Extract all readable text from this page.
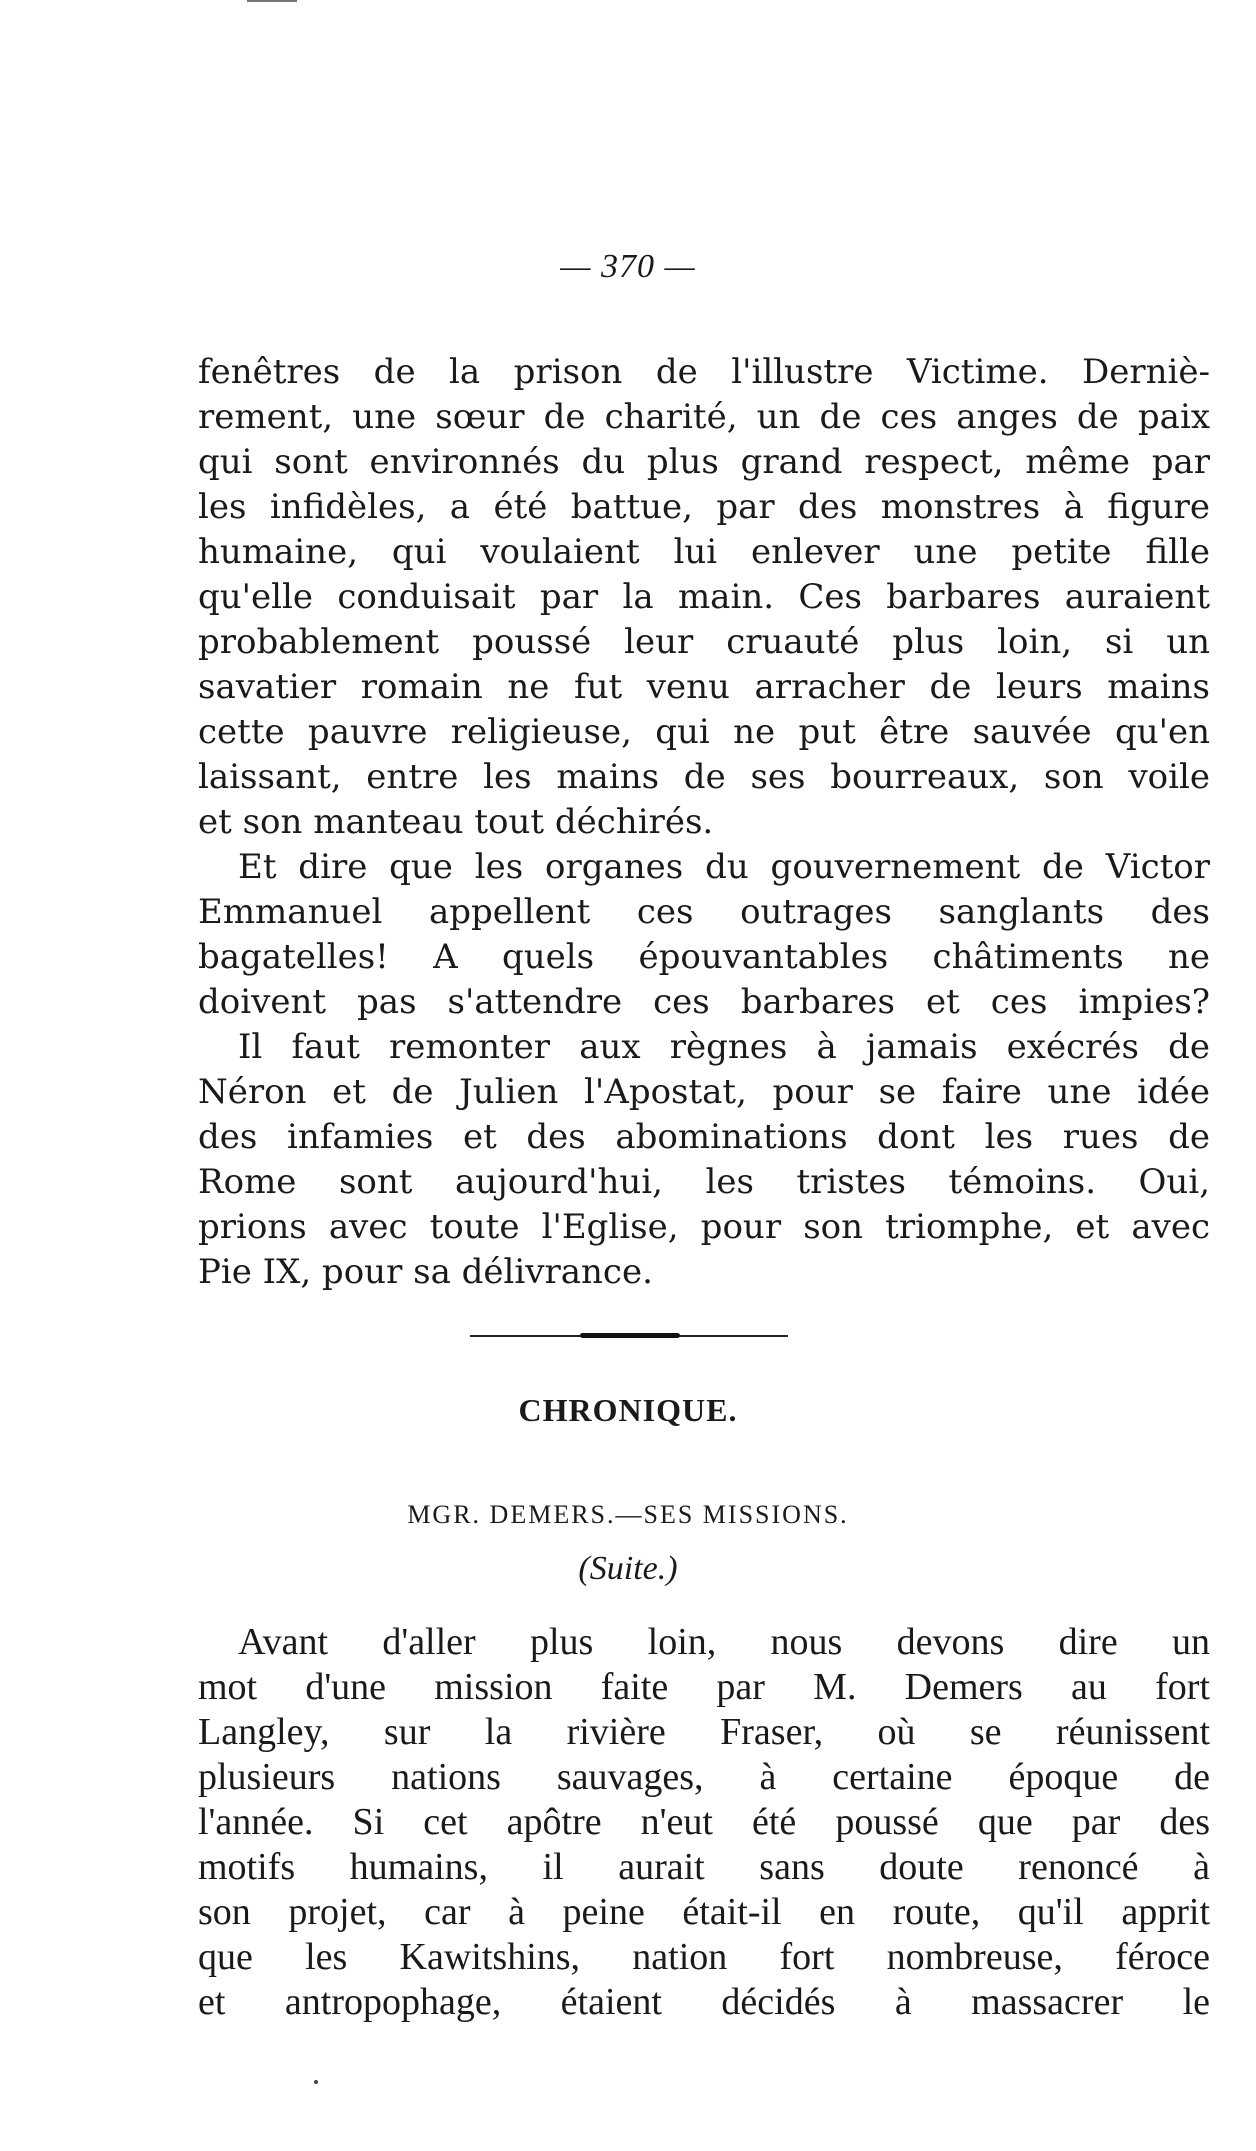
— 370 —
fenêtres de la prison de l'illustre Victime. Derniè-
rement, une sœur de charité, un de ces anges de paix
qui sont environnés du plus grand respect, même par
les infidèles, a été battue, par des monstres à figure
humaine, qui voulaient lui enlever une petite fille
qu'elle conduisait par la main. Ces barbares auraient
probablement poussé leur cruauté plus loin, si un
savatier romain ne fut venu arracher de leurs mains
cette pauvre religieuse, qui ne put être sauvée qu'en
laissant, entre les mains de ses bourreaux, son voile
et son manteau tout déchirés.
Et dire que les organes du gouvernement de Victor
Emmanuel appellent ces outrages sanglants des
bagatelles! A quels épouvantables châtiments ne
doivent pas s'attendre ces barbares et ces impies?
Il faut remonter aux règnes à jamais exécrés de
Néron et de Julien l'Apostat, pour se faire une idée
des infamies et des abominations dont les rues de
Rome sont aujourd'hui, les tristes témoins. Oui,
prions avec toute l'Eglise, pour son triomphe, et avec
Pie IX, pour sa délivrance.
CHRONIQUE.
MGR. DEMERS.—SES MISSIONS.
(Suite.)
Avant d'aller plus loin, nous devons dire un
mot d'une mission faite par M. Demers au fort
Langley, sur la rivière Fraser, où se réunissent
plusieurs nations sauvages, à certaine époque de
l'année. Si cet apôtre n'eut été poussé que par des
motifs humains, il aurait sans doute renoncé à
son projet, car à peine était-il en route, qu'il apprit
que les Kawitshins, nation fort nombreuse, féroce
et antropophage, étaient décidés à massacrer le
